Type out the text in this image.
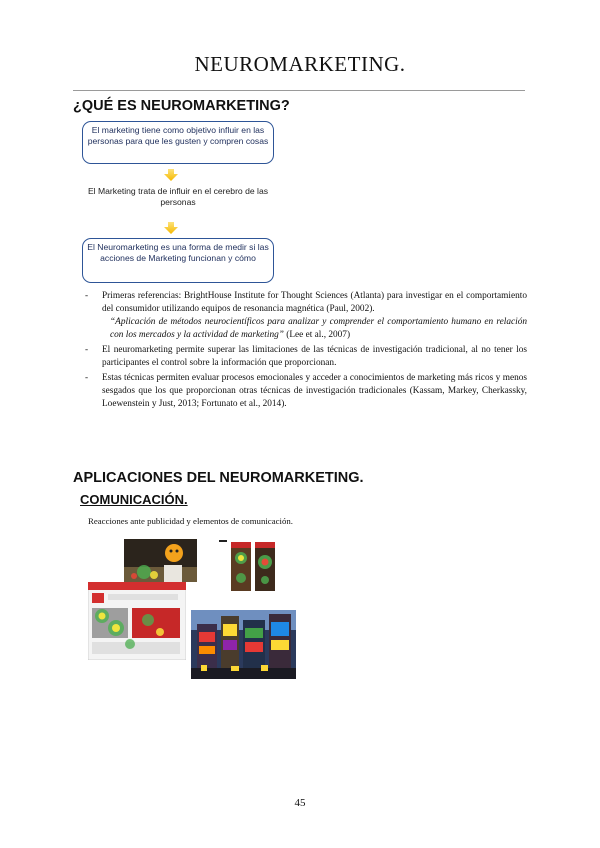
NEUROMARKETING.
¿QUÉ ES NEUROMARKETING?
El marketing tiene como objetivo influir en las personas para que les gusten y compren cosas
El Marketing trata de influir en el cerebro de las personas
El Neuromarketing es una forma de medir si las acciones de Marketing funcionan y cómo
- Primeras referencias: BrightHouse Institute for Thought Sciences (Atlanta) para investigar en el comportamiento del consumidor utilizando equipos de resonancia magnética (Paul, 2002).
“Aplicación de métodos neurocientíficos para analizar y comprender el comportamiento humano en relación con los mercados y la actividad de marketing” (Lee et al., 2007)
- El neuromarketing permite superar las limitaciones de las técnicas de investigación tradicional, al no tener los participantes el control sobre la información que proporcionan.
- Estas técnicas permiten evaluar procesos emocionales y acceder a conocimientos de marketing más ricos y menos sesgados que los que proporcionan otras técnicas de investigación tradicionales (Kassam, Markey, Cherkassky, Loewenstein y Just, 2013; Fortunato et al., 2014).
APLICACIONES DEL NEUROMARKETING.
COMUNICACIÓN.
Reacciones ante publicidad y elementos de comunicación.
45
